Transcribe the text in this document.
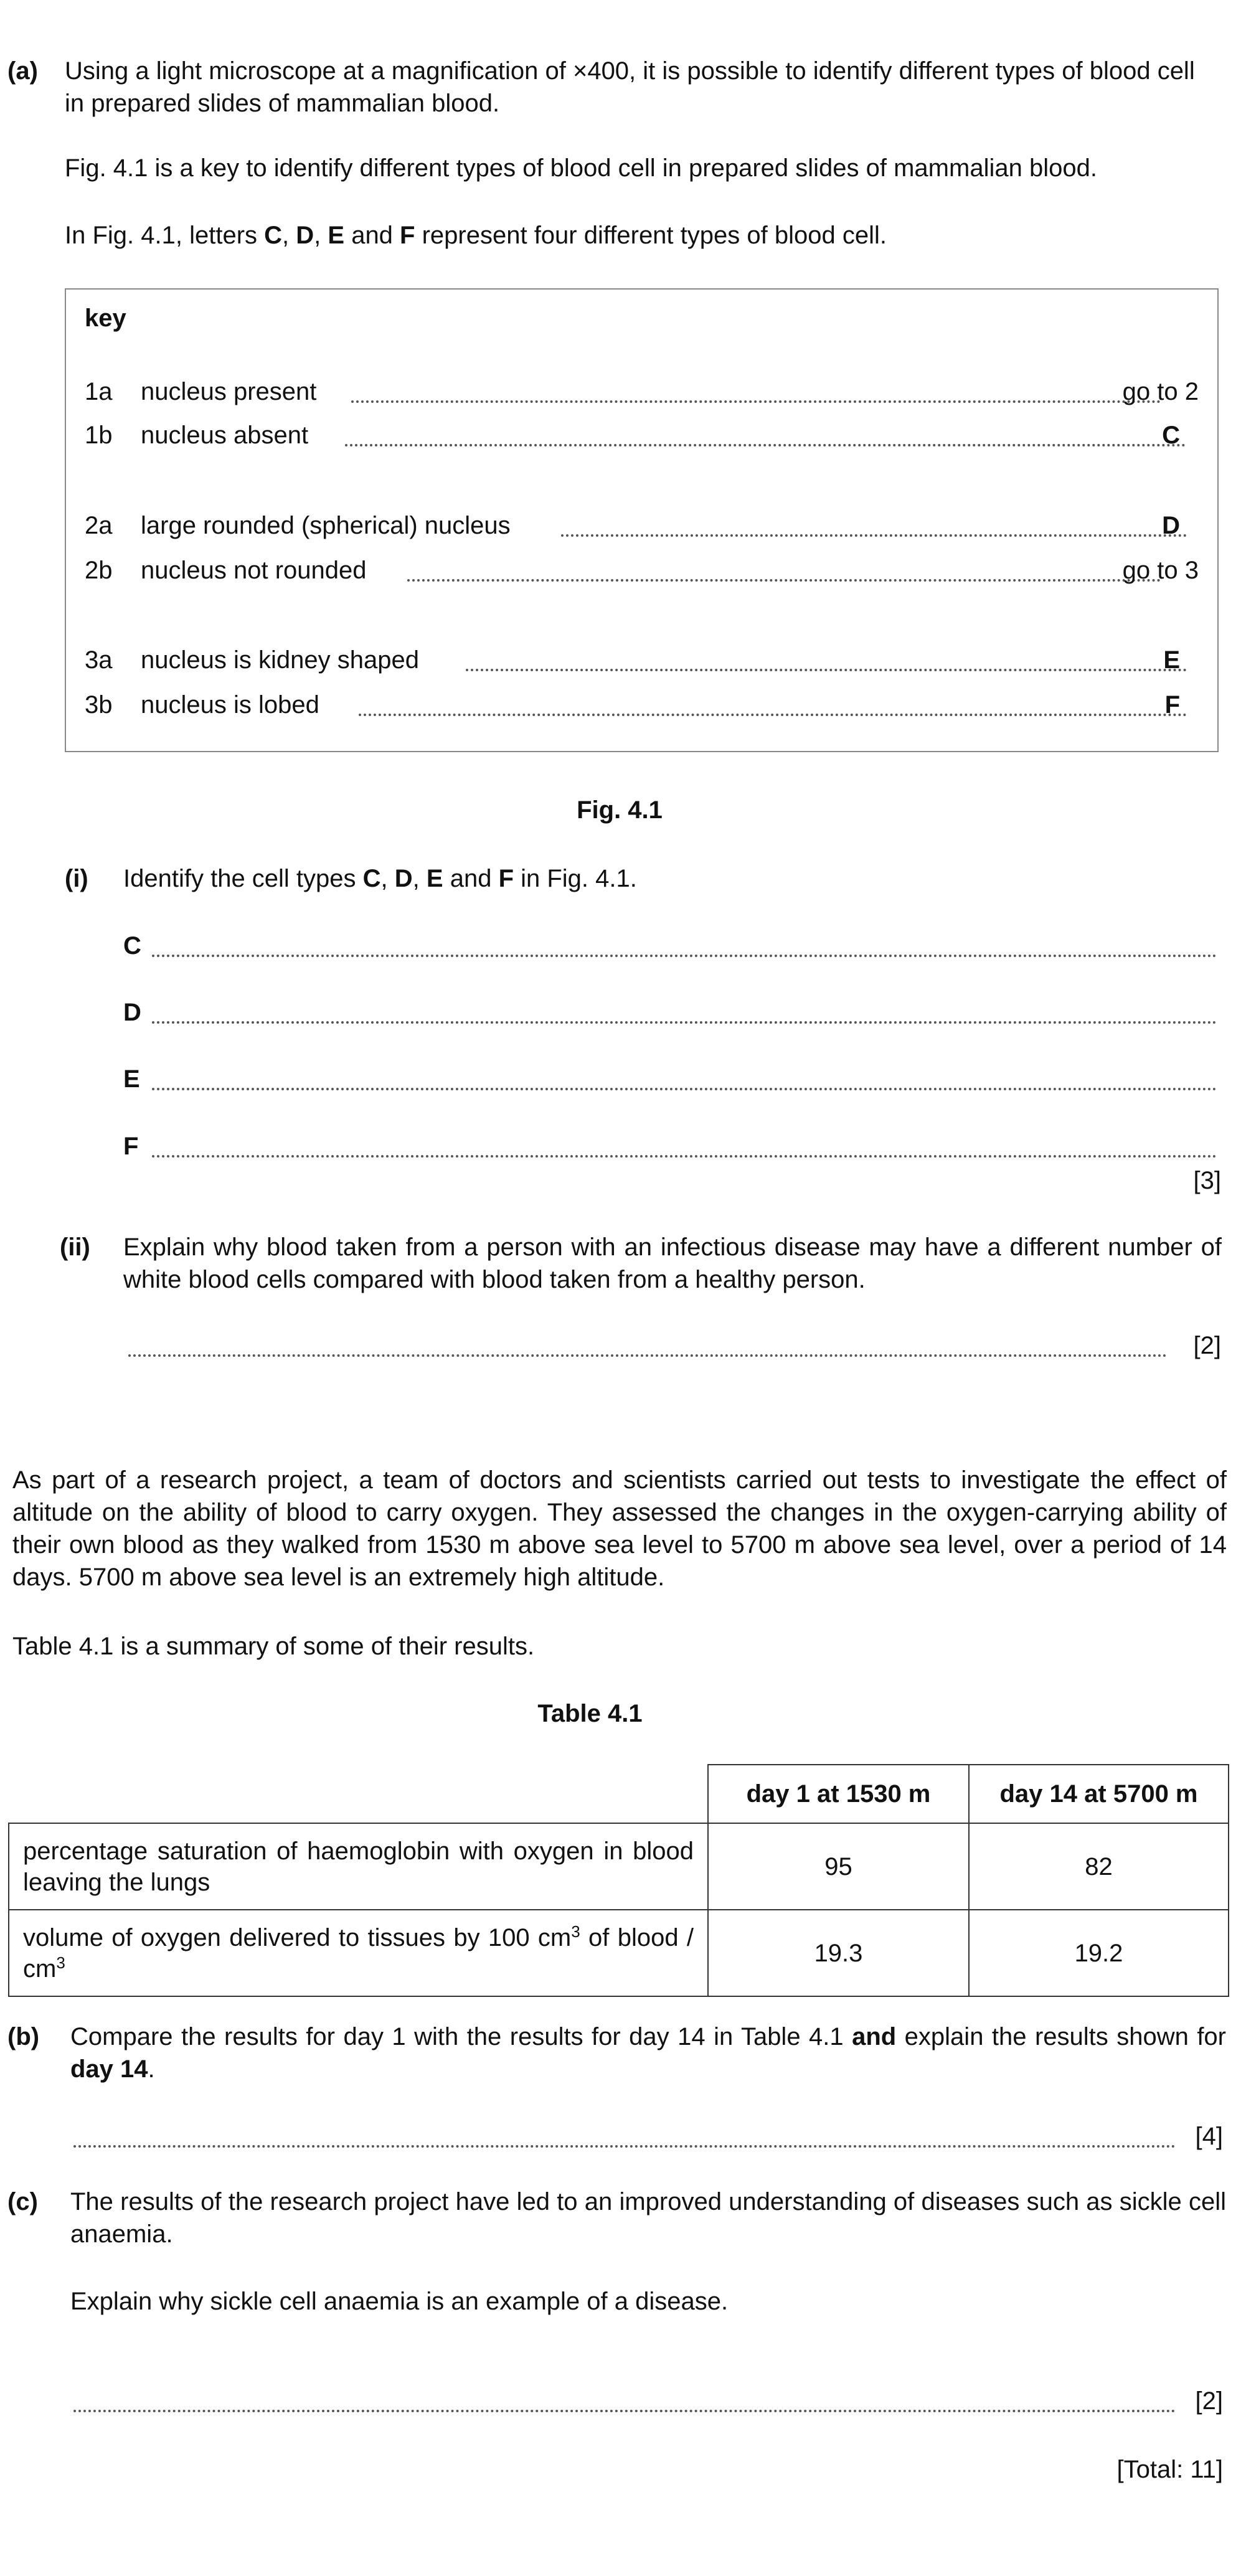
(a) Using a light microscope at a magnification of ×400, it is possible to identify different types of blood cell in prepared slides of mammalian blood.
Fig. 4.1 is a key to identify different types of blood cell in prepared slides of mammalian blood.
In Fig. 4.1, letters C, D, E and F represent four different types of blood cell.
key
1a	nucleus present	go to 2
1b	nucleus absent	C
2a	large rounded (spherical) nucleus	D
2b	nucleus not rounded	go to 3
3a	nucleus is kidney shaped	E
3b	nucleus is lobed	F
Fig. 4.1
(i) Identify the cell types C, D, E and F in Fig. 4.1.
C
D
E
F
[3]
(ii) Explain why blood taken from a person with an infectious disease may have a different number of white blood cells compared with blood taken from a healthy person.
[2]
As part of a research project, a team of doctors and scientists carried out tests to investigate the effect of altitude on the ability of blood to carry oxygen. They assessed the changes in the oxygen-carrying ability of their own blood as they walked from 1530 m above sea level to 5700 m above sea level, over a period of 14 days. 5700 m above sea level is an extremely high altitude.
Table 4.1 is a summary of some of their results.
Table 4.1
	day 1 at 1530 m	day 14 at 5700 m
percentage saturation of haemoglobin with oxygen in blood leaving the lungs	95	82
volume of oxygen delivered to tissues by 100 $cm^3$ of blood / $cm^3$	19.3	19.2
(b) Compare the results for day 1 with the results for day 14 in Table 4.1 and explain the results shown for day 14.
[4]
(c) The results of the research project have led to an improved understanding of diseases such as sickle cell anaemia.
Explain why sickle cell anaemia is an example of a disease.
[2]
[Total: 11]
